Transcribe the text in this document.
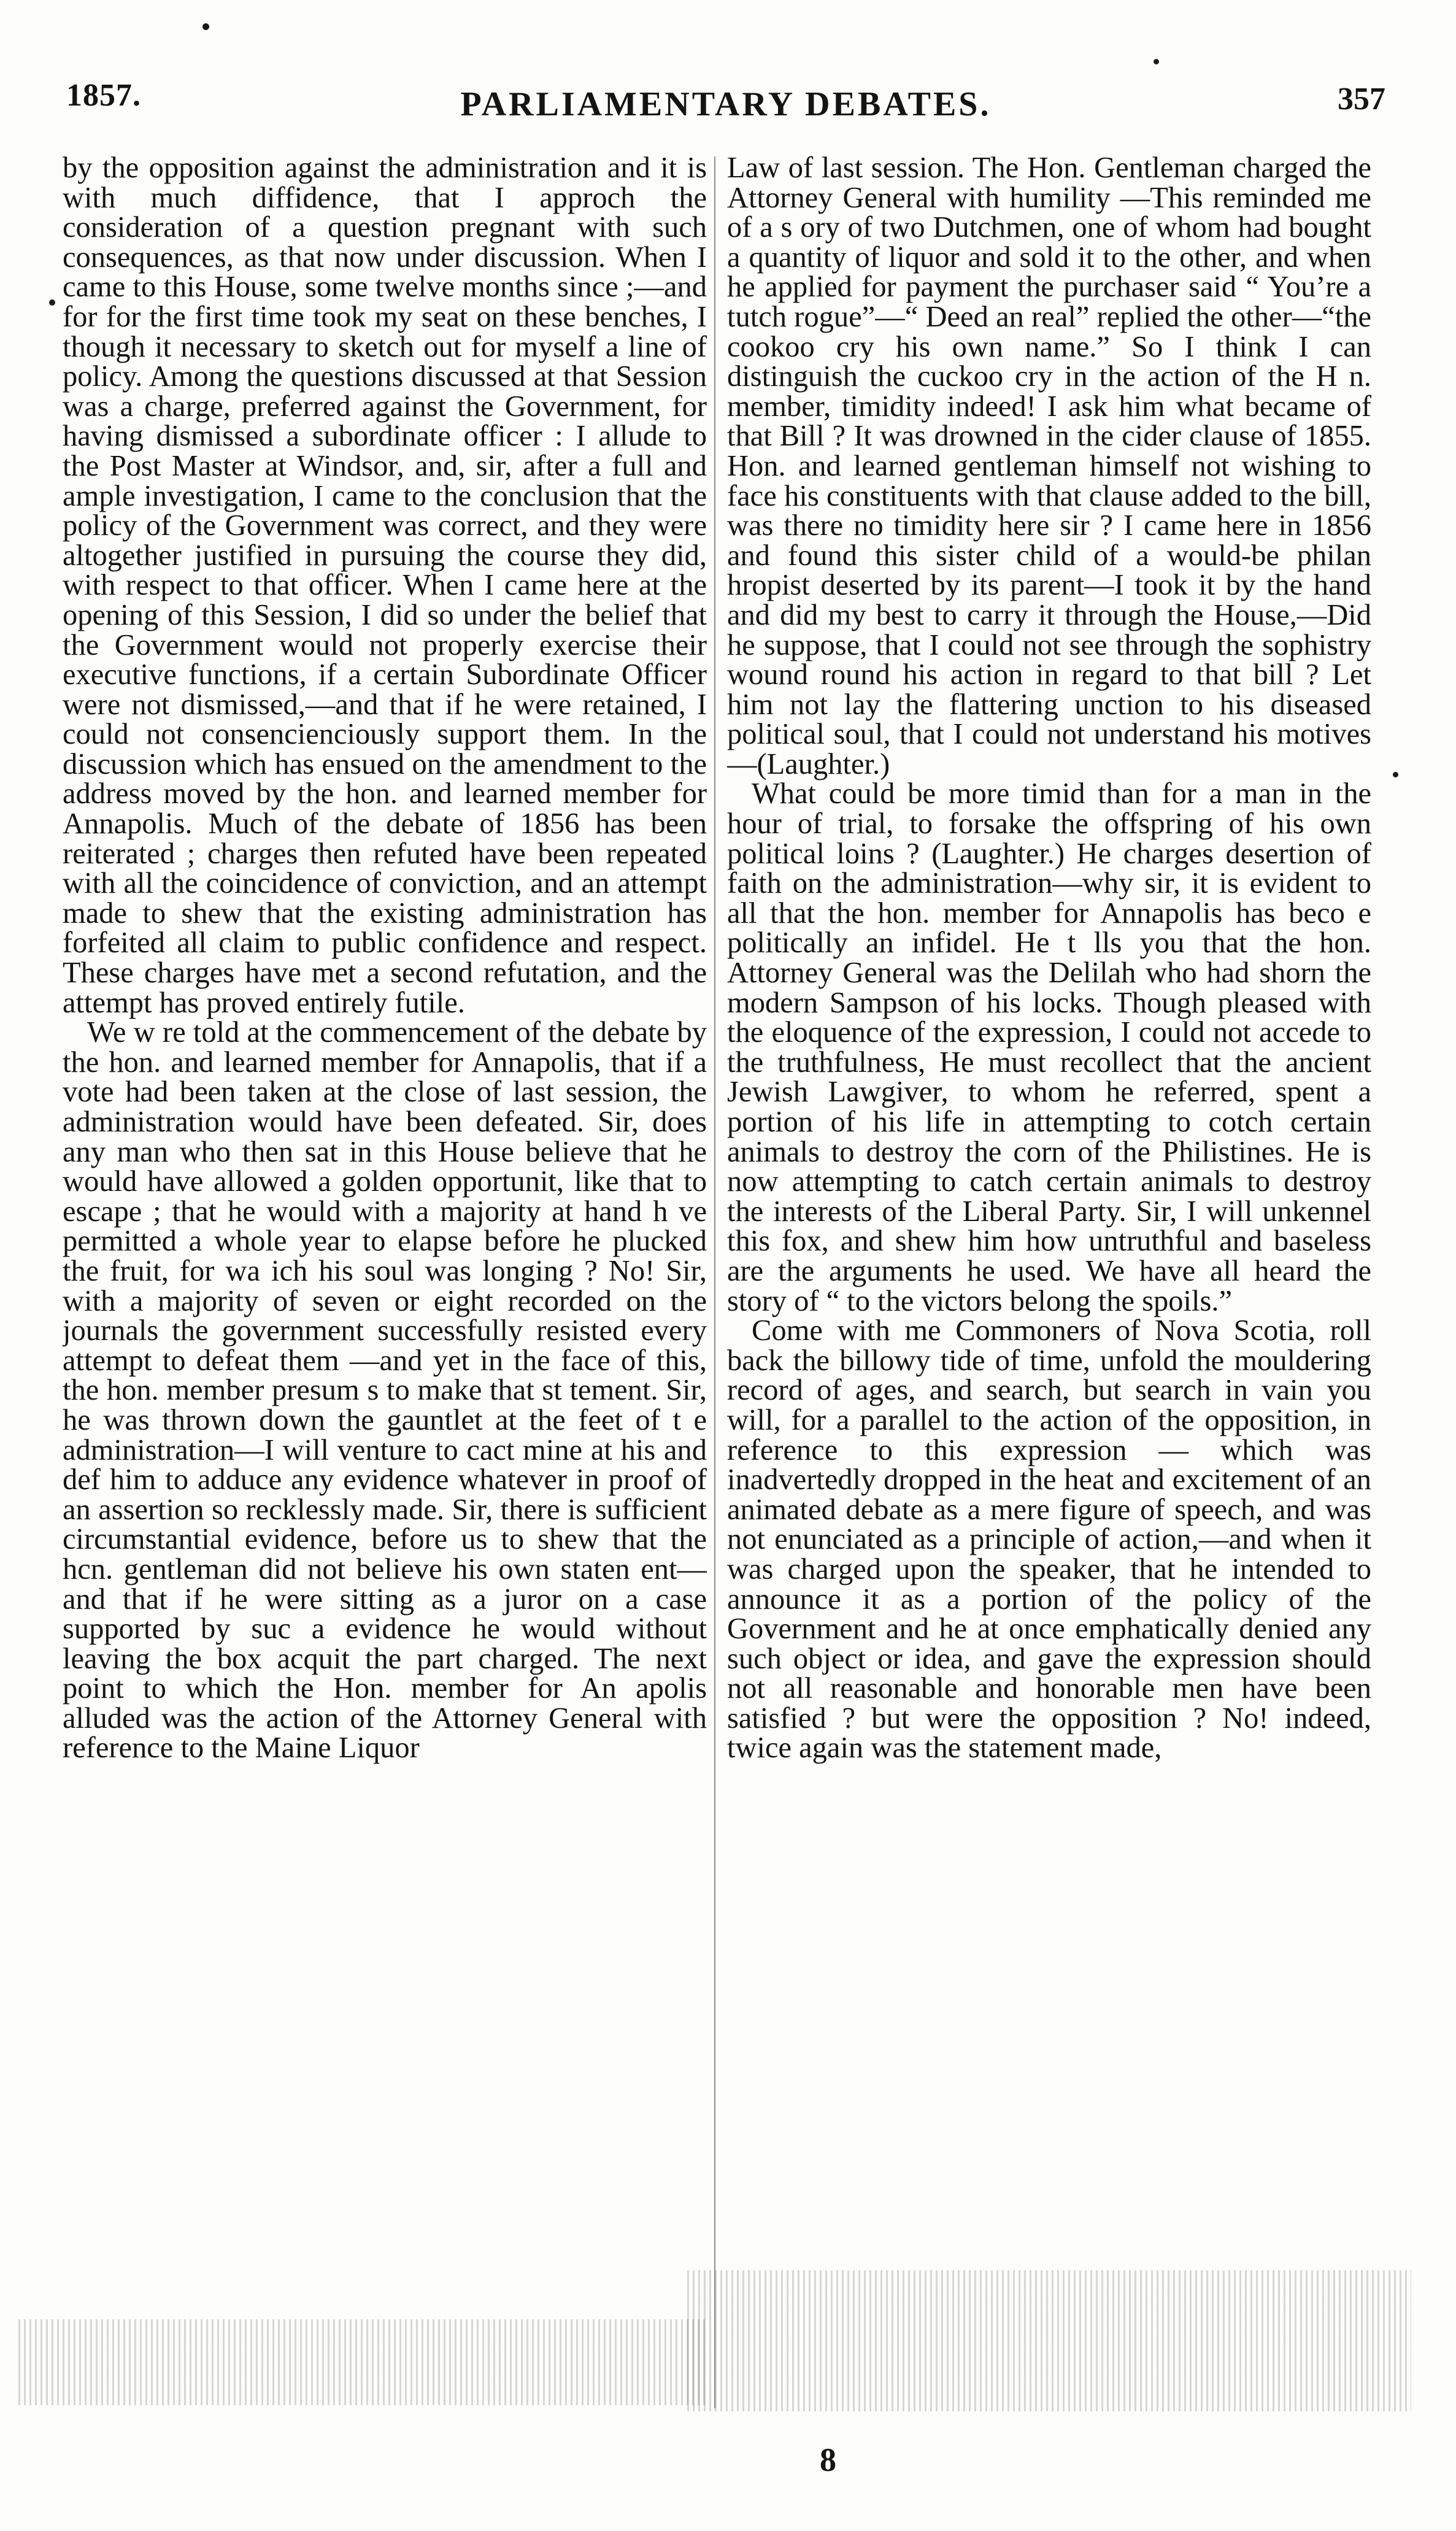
1857.	PARLIAMENTARY DEBATES.	357

by the opposition against the administration and it is with much diffidence, that I approch the consideration of a question pregnant with such consequences, as that now under discussion. When I came to this House, some twelve months since ;—and for for the first time took my seat on these benches, I though it necessary to sketch out for myself a line of policy. Among the questions discussed at that Session was a charge, preferred against the Government, for having dismissed a subordinate officer : I allude to the Post Master at Windsor, and, sir, after a full and ample investigation, I came to the conclusion that the policy of the Government was correct, and they were altogether justified in pursuing the course they did, with respect to that officer. When I came here at the opening of this Session, I did so under the belief that the Government would not properly exercise their executive functions, if a certain Subordinate Officer were not dismissed,—and that if he were retained, I could not consencienciously support them. In the discussion which has ensued on the amendment to the address moved by the hon. and learned member for Annapolis. Much of the debate of 1856 has been reiterated ; charges then refuted have been repeated with all the coincidence of conviction, and an attempt made to shew that the existing administration has forfeited all claim to public confidence and respect. These charges have met a second refutation, and the attempt has proved entirely futile.

We w re told at the commencement of the debate by the hon. and learned member for Annapolis, that if a vote had been taken at the close of last session, the administration would have been defeated. Sir, does any man who then sat in this House believe that he would have allowed a golden opportunit, like that to escape ; that he would with a majority at hand h ve permitted a whole year to elapse before he plucked the fruit, for wa ich his soul was longing ? No! Sir, with a majority of seven or eight recorded on the journals the government successfully resisted every attempt to defeat them —and yet in the face of this, the hon. member presum s to make that st tement. Sir, he was thrown down the gauntlet at the feet of t e administration—I will venture to cact mine at his and def him to adduce any evidence whatever in proof of an assertion so recklessly made. Sir, there is sufficient circumstantial evidence, before us to shew that the hcn. gentleman did not believe his own staten ent—and that if he were sitting as a juror on a case supported by suc a evidence he would without leaving the box acquit the part charged. The next point to which the Hon. member for An apolis alluded was the action of the Attorney General with reference to the Maine Liquor

Law of last session. The Hon. Gentleman charged the Attorney General with humility —This reminded me of a s ory of two Dutchmen, one of whom had bought a quantity of liquor and sold it to the other, and when he applied for payment the purchaser said “ You’re a tutch rogue”—“ Deed an real” replied the other—“the cookoo cry his own name.” So I think I can distinguish the cuckoo cry in the action of the H n. member, timidity indeed! I ask him what became of that Bill ? It was drowned in the cider clause of 1855. Hon. and learned gentleman himself not wishing to face his constituents with that clause added to the bill, was there no timidity here sir ? I came here in 1856 and found this sister child of a would-be philan hropist deserted by its parent—I took it by the hand and did my best to carry it through the House,—Did he suppose, that I could not see through the sophistry wound round his action in regard to that bill ? Let him not lay the flattering unction to his diseased political soul, that I could not understand his motives—(Laughter.)

What could be more timid than for a man in the hour of trial, to forsake the offspring of his own political loins ? (Laughter.) He charges desertion of faith on the administration—why sir, it is evident to all that the hon. member for Annapolis has beco e politically an infidel. He t lls you that the hon. Attorney General was the Delilah who had shorn the modern Sampson of his locks. Though pleased with the eloquence of the expression, I could not accede to the truthfulness, He must recollect that the ancient Jewish Lawgiver, to whom he referred, spent a portion of his life in attempting to cotch certain animals to destroy the corn of the Philistines. He is now attempting to catch certain animals to destroy the interests of the Liberal Party. Sir, I will unkennel this fox, and shew him how untruthful and baseless are the arguments he used. We have all heard the story of “ to the victors belong the spoils.”

Come with me Commoners of Nova Scotia, roll back the billowy tide of time, unfold the mouldering record of ages, and search, but search in vain you will, for a parallel to the action of the opposition, in reference to this expression — which was inadvertedly dropped in the heat and excitement of an animated debate as a mere figure of speech, and was not enunciated as a principle of action,—and when it was charged upon the speaker, that he intended to announce it as a portion of the policy of the Government and he at once emphatically denied any such object or idea, and gave the expression should not all reasonable and honorable men have been satisfied ? but were the opposition ? No! indeed, twice again was the statement made,

8
